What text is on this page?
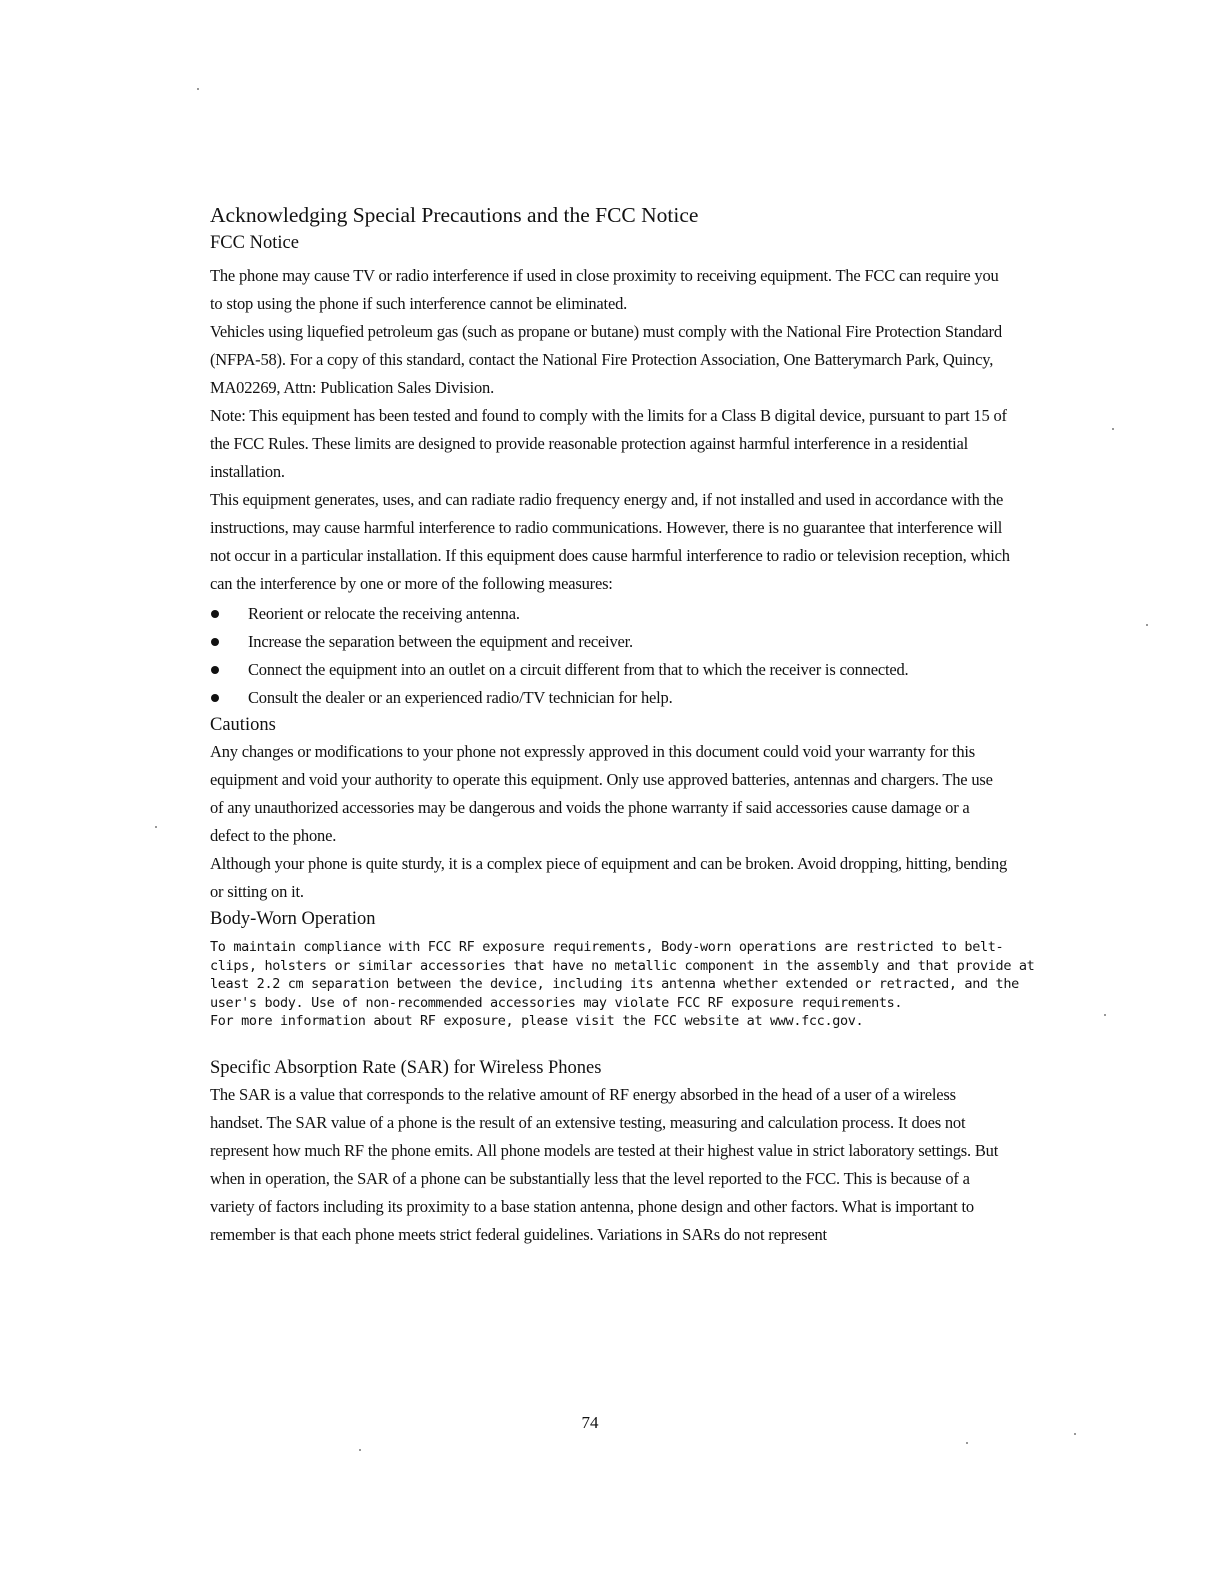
Acknowledging Special Precautions and the FCC Notice
FCC Notice

The phone may cause TV or radio interference if used in close proximity to receiving equipment. The FCC can require you to stop using the phone if such interference cannot be eliminated.

Vehicles using liquefied petroleum gas (such as propane or butane) must comply with the National Fire Protection Standard (NFPA-58). For a copy of this standard, contact the National Fire Protection Association, One Batterymarch Park, Quincy, MA02269, Attn: Publication Sales Division.

Note: This equipment has been tested and found to comply with the limits for a Class B digital device, pursuant to part 15 of the FCC Rules. These limits are designed to provide reasonable protection against harmful interference in a residential installation.

This equipment generates, uses, and can radiate radio frequency energy and, if not installed and used in accordance with the instructions, may cause harmful interference to radio communications. However, there is no guarantee that interference will not occur in a particular installation. If this equipment does cause harmful interference to radio or television reception, which can the interference by one or more of the following measures:

Reorient or relocate the receiving antenna.
Increase the separation between the equipment and receiver.
Connect the equipment into an outlet on a circuit different from that to which the receiver is connected.
Consult the dealer or an experienced radio/TV technician for help.
Cautions

Any changes or modifications to your phone not expressly approved in this document could void your warranty for this equipment and void your authority to operate this equipment. Only use approved batteries, antennas and chargers. The use of any unauthorized accessories may be dangerous and voids the phone warranty if said accessories cause damage or a defect to the phone.

Although your phone is quite sturdy, it is a complex piece of equipment and can be broken. Avoid dropping, hitting, bending or sitting on it.

Body-Worn Operation

To maintain compliance with FCC RF exposure requirements, Body-worn operations are restricted to belt-clips, holsters or similar accessories that have no metallic component in the assembly and that provide at least 2.2 cm separation between the device, including its antenna whether extended or retracted, and the user's body. Use of non-recommended accessories may violate FCC RF exposure requirements.

For more information about RF exposure, please visit the FCC website at www.fcc.gov.

Specific Absorption Rate (SAR) for Wireless Phones

The SAR is a value that corresponds to the relative amount of RF energy absorbed in the head of a user of a wireless handset. The SAR value of a phone is the result of an extensive testing, measuring and calculation process. It does not represent how much RF the phone emits. All phone models are tested at their highest value in strict laboratory settings. But when in operation, the SAR of a phone can be substantially less that the level reported to the FCC. This is because of a variety of factors including its proximity to a base station antenna, phone design and other factors. What is important to remember is that each phone meets strict federal guidelines. Variations in SARs do not represent

74
